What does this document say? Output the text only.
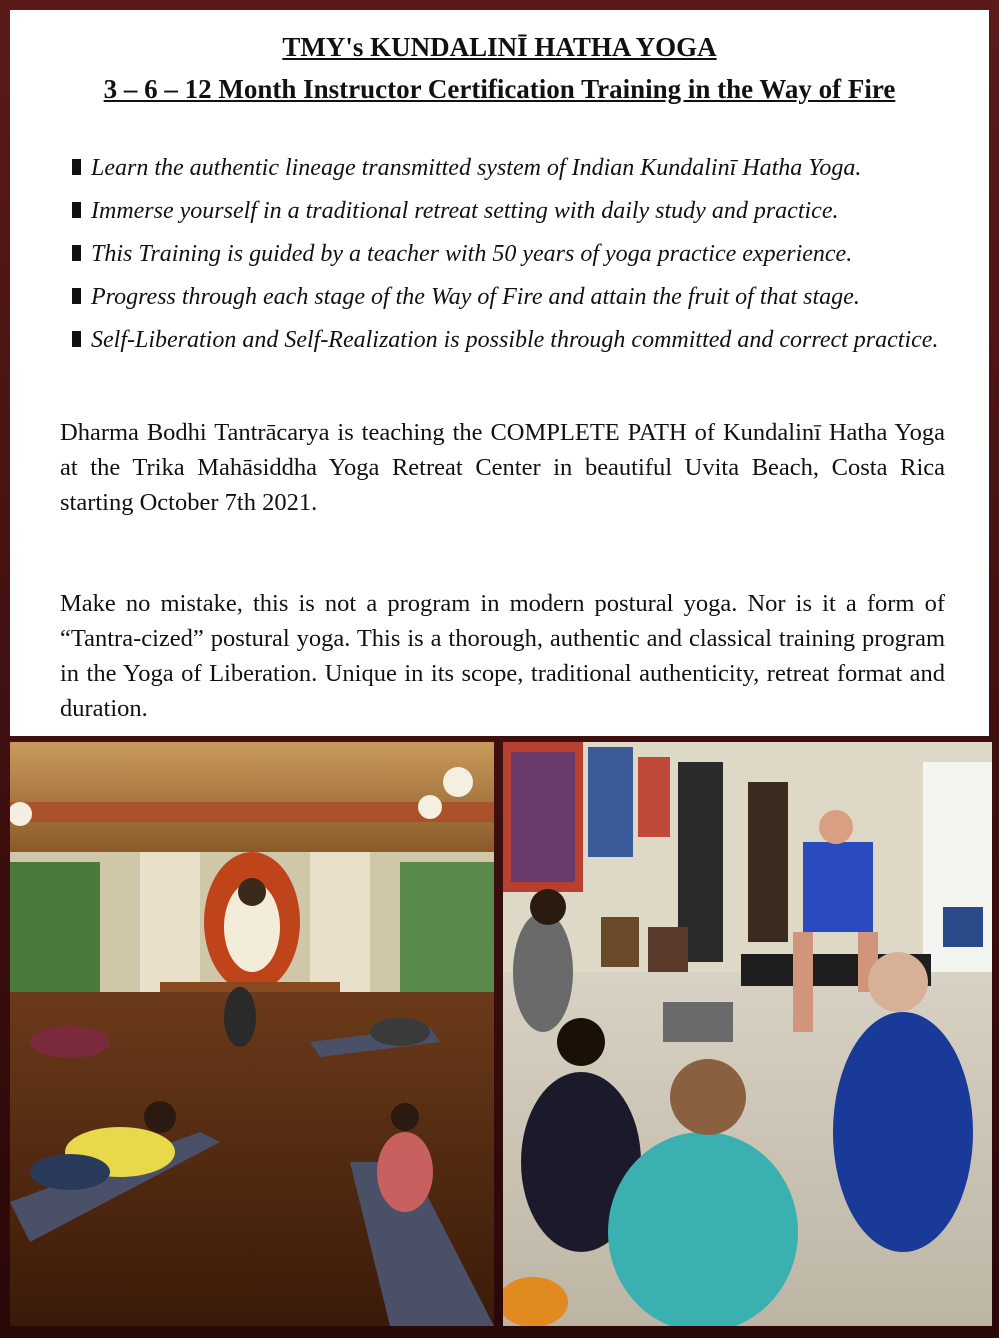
TMY's KUNDALINĪ HATHA YOGA
3 – 6 – 12 Month Instructor Certification Training in the Way of Fire
Learn the authentic lineage transmitted system of Indian Kundalinī Hatha Yoga.
Immerse yourself in a traditional retreat setting with daily study and practice.
This Training is guided by a teacher with 50 years of yoga practice experience.
Progress through each stage of the Way of Fire and attain the fruit of that stage.
Self-Liberation and Self-Realization is possible through committed and correct practice.
Dharma Bodhi Tantrācarya is teaching the COMPLETE PATH of Kundalinī Hatha Yoga at the Trika Mahāsiddha Yoga Retreat Center in beautiful Uvita Beach, Costa Rica starting October 7th 2021.
Make no mistake, this is not a program in modern postural yoga. Nor is it a form of “Tantra-cized” postural yoga. This is a thorough, authentic and classical training program in the Yoga of Liberation. Unique in its scope, traditional authenticity, retreat format and duration.
